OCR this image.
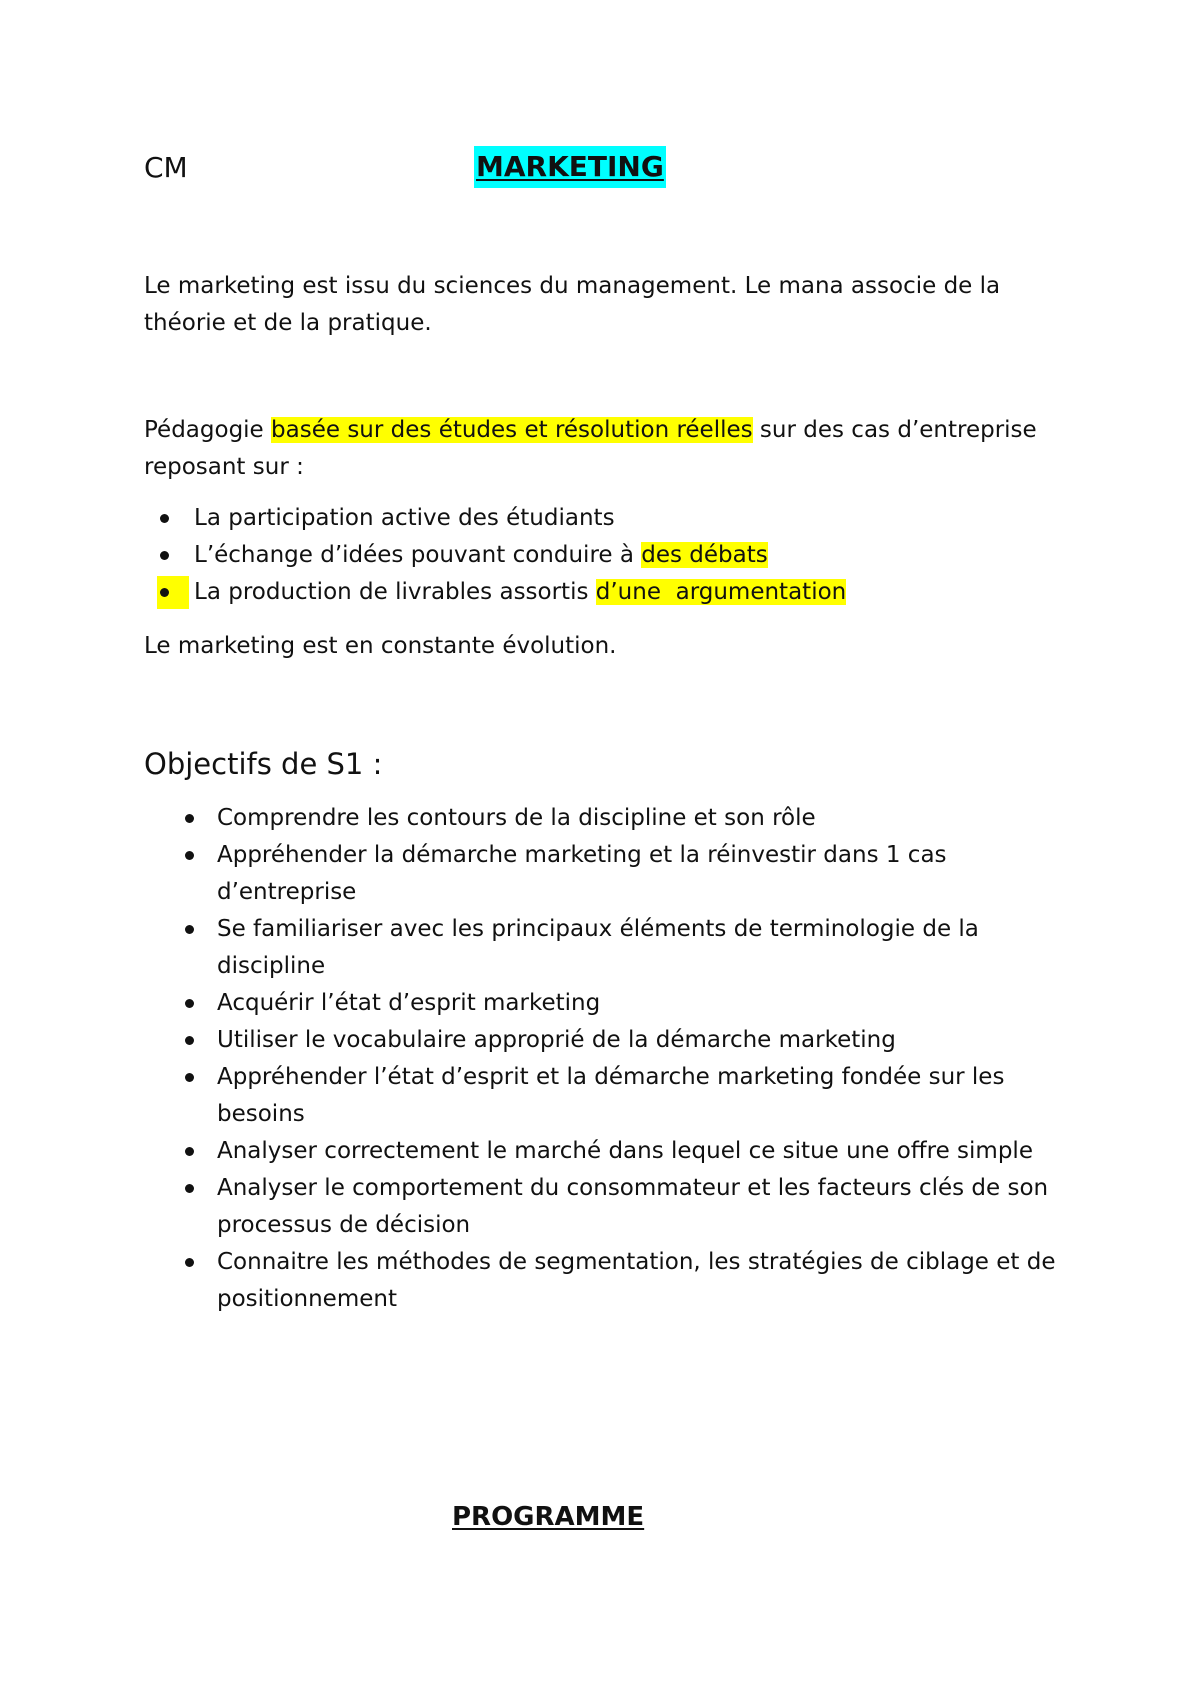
CM	MARKETING
Le marketing est issu du sciences du management. Le mana associe de la théorie et de la pratique.
Pédagogie basée sur des études et résolution réelles sur des cas d’entreprise reposant sur :
La participation active des étudiants
L’échange d’idées pouvant conduire à des débats
La production de livrables assortis d’une  argumentation
Le marketing est en constante évolution.
Objectifs de S1 :
Comprendre les contours de la discipline et son rôle
Appréhender la démarche marketing et la réinvestir dans 1 cas d’entreprise
Se familiariser avec les principaux éléments de terminologie de la discipline
Acquérir l’état d’esprit marketing
Utiliser le vocabulaire approprié de la démarche marketing
Appréhender l’état d’esprit et la démarche marketing fondée sur les besoins
Analyser correctement le marché dans lequel ce situe une offre simple
Analyser le comportement du consommateur et les facteurs clés de son processus de décision
Connaitre les méthodes de segmentation, les stratégies de ciblage et de positionnement
PROGRAMME
